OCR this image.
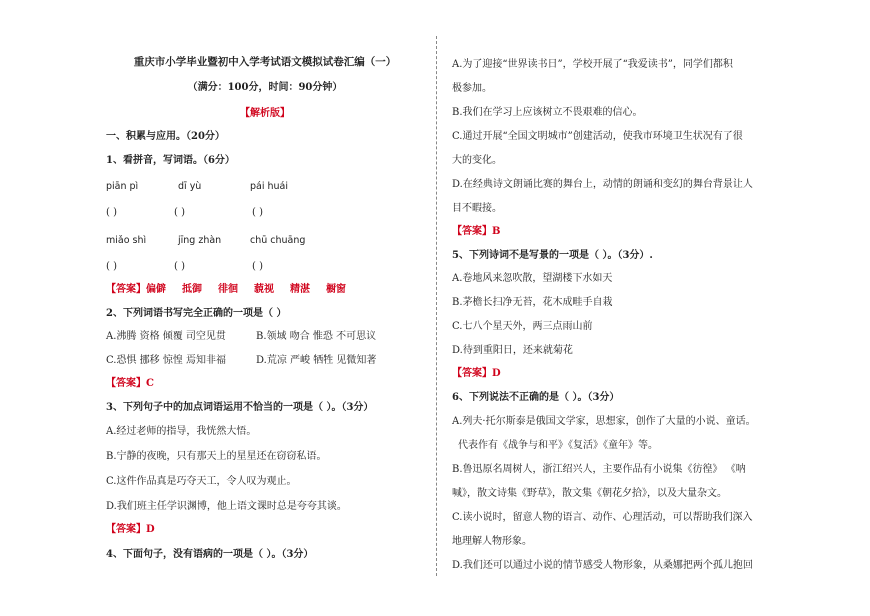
重庆市小学毕业暨初中入学考试语文模拟试卷汇编（一）
（满分：100分，时间：90分钟）
【解析版】
一、积累与应用。（20分）
1、看拼音，写词语。（6分）
piān pì	dī yù	pái huái
( )	( )	( )
miǎo shì	jīng zhàn	chū chuāng
( )	( )	( )
【答案】偏僻 抵御 徘徊 藐视 精湛 橱窗
2、下列词语书写完全正确的一项是（ ）
A.沸腾 资格 倾覆 司空见贯	B.领域 吻合 惟恐 不可思议
C.恐惧 挪移 惊惶 焉知非福	D.荒凉 严峻 牺牲 见微知著
【答案】C
3、下列句子中的加点词语运用不恰当的一项是（ ）。（3分）
A.经过老师的指导，我恍然大悟。
B.宁静的夜晚，只有那天上的星星还在窃窃私语。
C.这件作品真是巧夺天工，令人叹为观止。
D.我们班主任学识渊博，他上语文课时总是夸夸其谈。
【答案】D
4、下面句子，没有语病的一项是（ ）。（3分）
A.为了迎接“世界读书日”，学校开展了“我爱读书”，同学们都积
极参加。
B.我们在学习上应该树立不畏艰难的信心。
C.通过开展“全国文明城市”创建活动，使我市环境卫生状况有了很
大的变化。
D.在经典诗文朗诵比赛的舞台上，动情的朗诵和变幻的舞台背景让人
目不暇接。
【答案】B
5、下列诗词不是写景的一项是（ ）。（3分）.
A.卷地风来忽吹散，望湖楼下水如天
B.茅檐长扫净无苔，花木成畦手自栽
C.七八个星天外，两三点雨山前
D.待到重阳日，还来就菊花
【答案】D
6、下列说法不正确的是（ ）。（3分）
A.列夫·托尔斯泰是俄国文学家，思想家，创作了大量的小说、童话。
代表作有《战争与和平》《复活》《童年》等。
B.鲁迅原名周树人，浙江绍兴人，主要作品有小说集《彷徨》 《呐
喊》，散文诗集《野草》，散文集《朝花夕拾》，以及大量杂文。
C.读小说时，留意人物的语言、动作、心理活动，可以帮助我们深入
地理解人物形象。
D.我们还可以通过小说的情节感受人物形象，从桑娜把两个孤儿抱回
